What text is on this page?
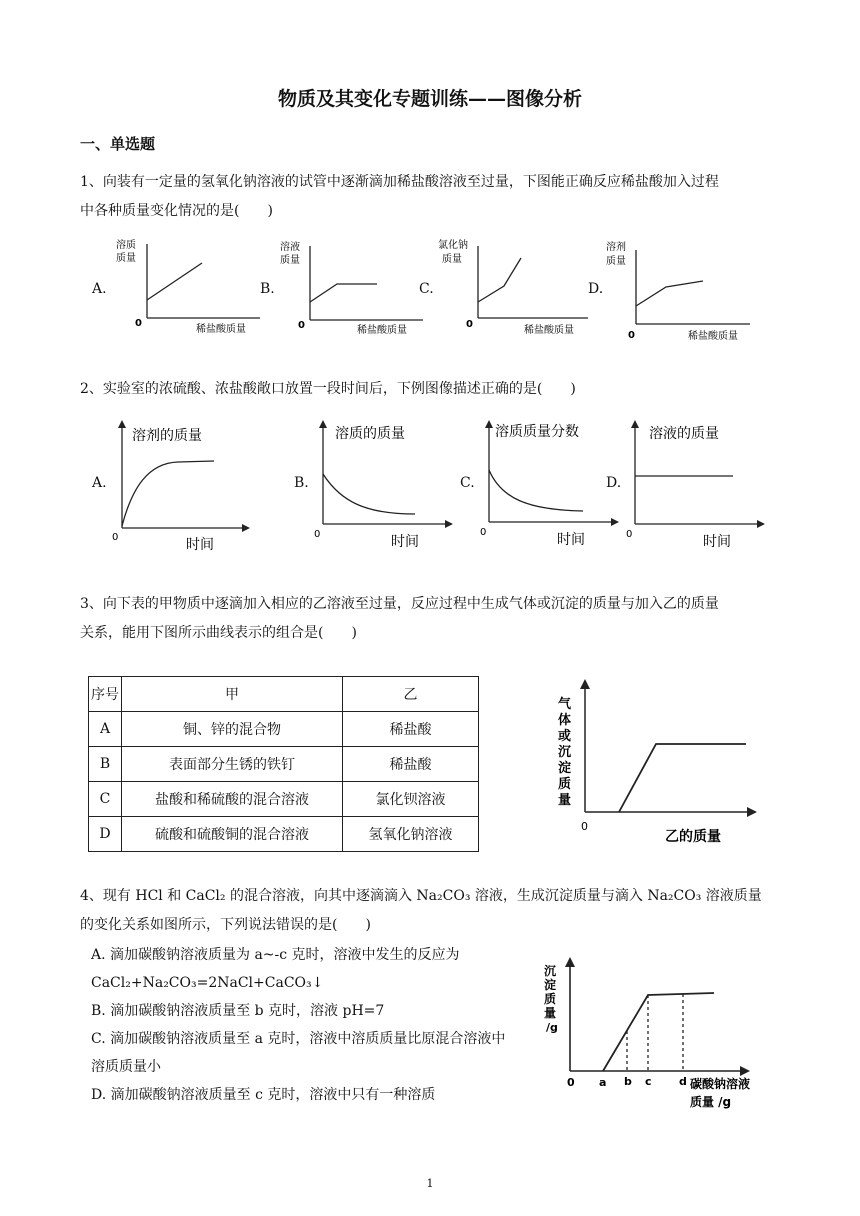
物质及其变化专题训练——图像分析
一、单选题
1、向装有一定量的氢氧化钠溶液的试管中逐渐滴加稀盐酸溶液至过量，下图能正确反应稀盐酸加入过程
中各种质量变化情况的是(　　)
A.
溶质
质量
0
稀盐酸质量
B.
溶液
质量
0	稀盐酸质量
C.
氯化钠
质量
0
稀盐酸质量
D.
溶剂
质量
0	稀盐酸质量
2、实验室的浓硫酸、浓盐酸敞口放置一段时间后，下例图像描述正确的是(　　)
A.
溶剂的质量
0	时间
B.
溶质的质量
0	时间
C.
溶质质量分数
0	时间
D.
溶液的质量
0	时间
3、向下表的甲物质中逐滴加入相应的乙溶液至过量，反应过程中生成气体或沉淀的质量与加入乙的质量
关系，能用下图所示曲线表示的组合是(　　)
序号	甲	乙
A	铜、锌的混合物	稀盐酸
B	表面部分生锈的铁钉	稀盐酸
C	盐酸和稀硫酸的混合溶液	氯化钡溶液
D	硫酸和硫酸铜的混合溶液	氢氧化钠溶液
气
体
或
沉
淀
质
量
0
乙的质量
4、现有 HCl 和 CaCl₂ 的混合溶液，向其中逐滴滴入 Na₂CO₃ 溶液，生成沉淀质量与滴入 Na₂CO₃ 溶液质量
的变化关系如图所示，下列说法错误的是(　　)
A. 滴加碳酸钠溶液质量为 a~-c 克时，溶液中发生的反应为
CaCl₂+Na₂CO₃=2NaCl+CaCO₃↓
B. 滴加碳酸钠溶液质量至 b 克时，溶液 pH=7
C. 滴加碳酸钠溶液质量至 a 克时，溶液中溶质质量比原混合溶液中
溶质质量小
D. 滴加碳酸钠溶液质量至 c 克时，溶液中只有一种溶质
沉
淀
质
量
/g
0 a b c d 碳酸钠溶液
质量 /g
1
